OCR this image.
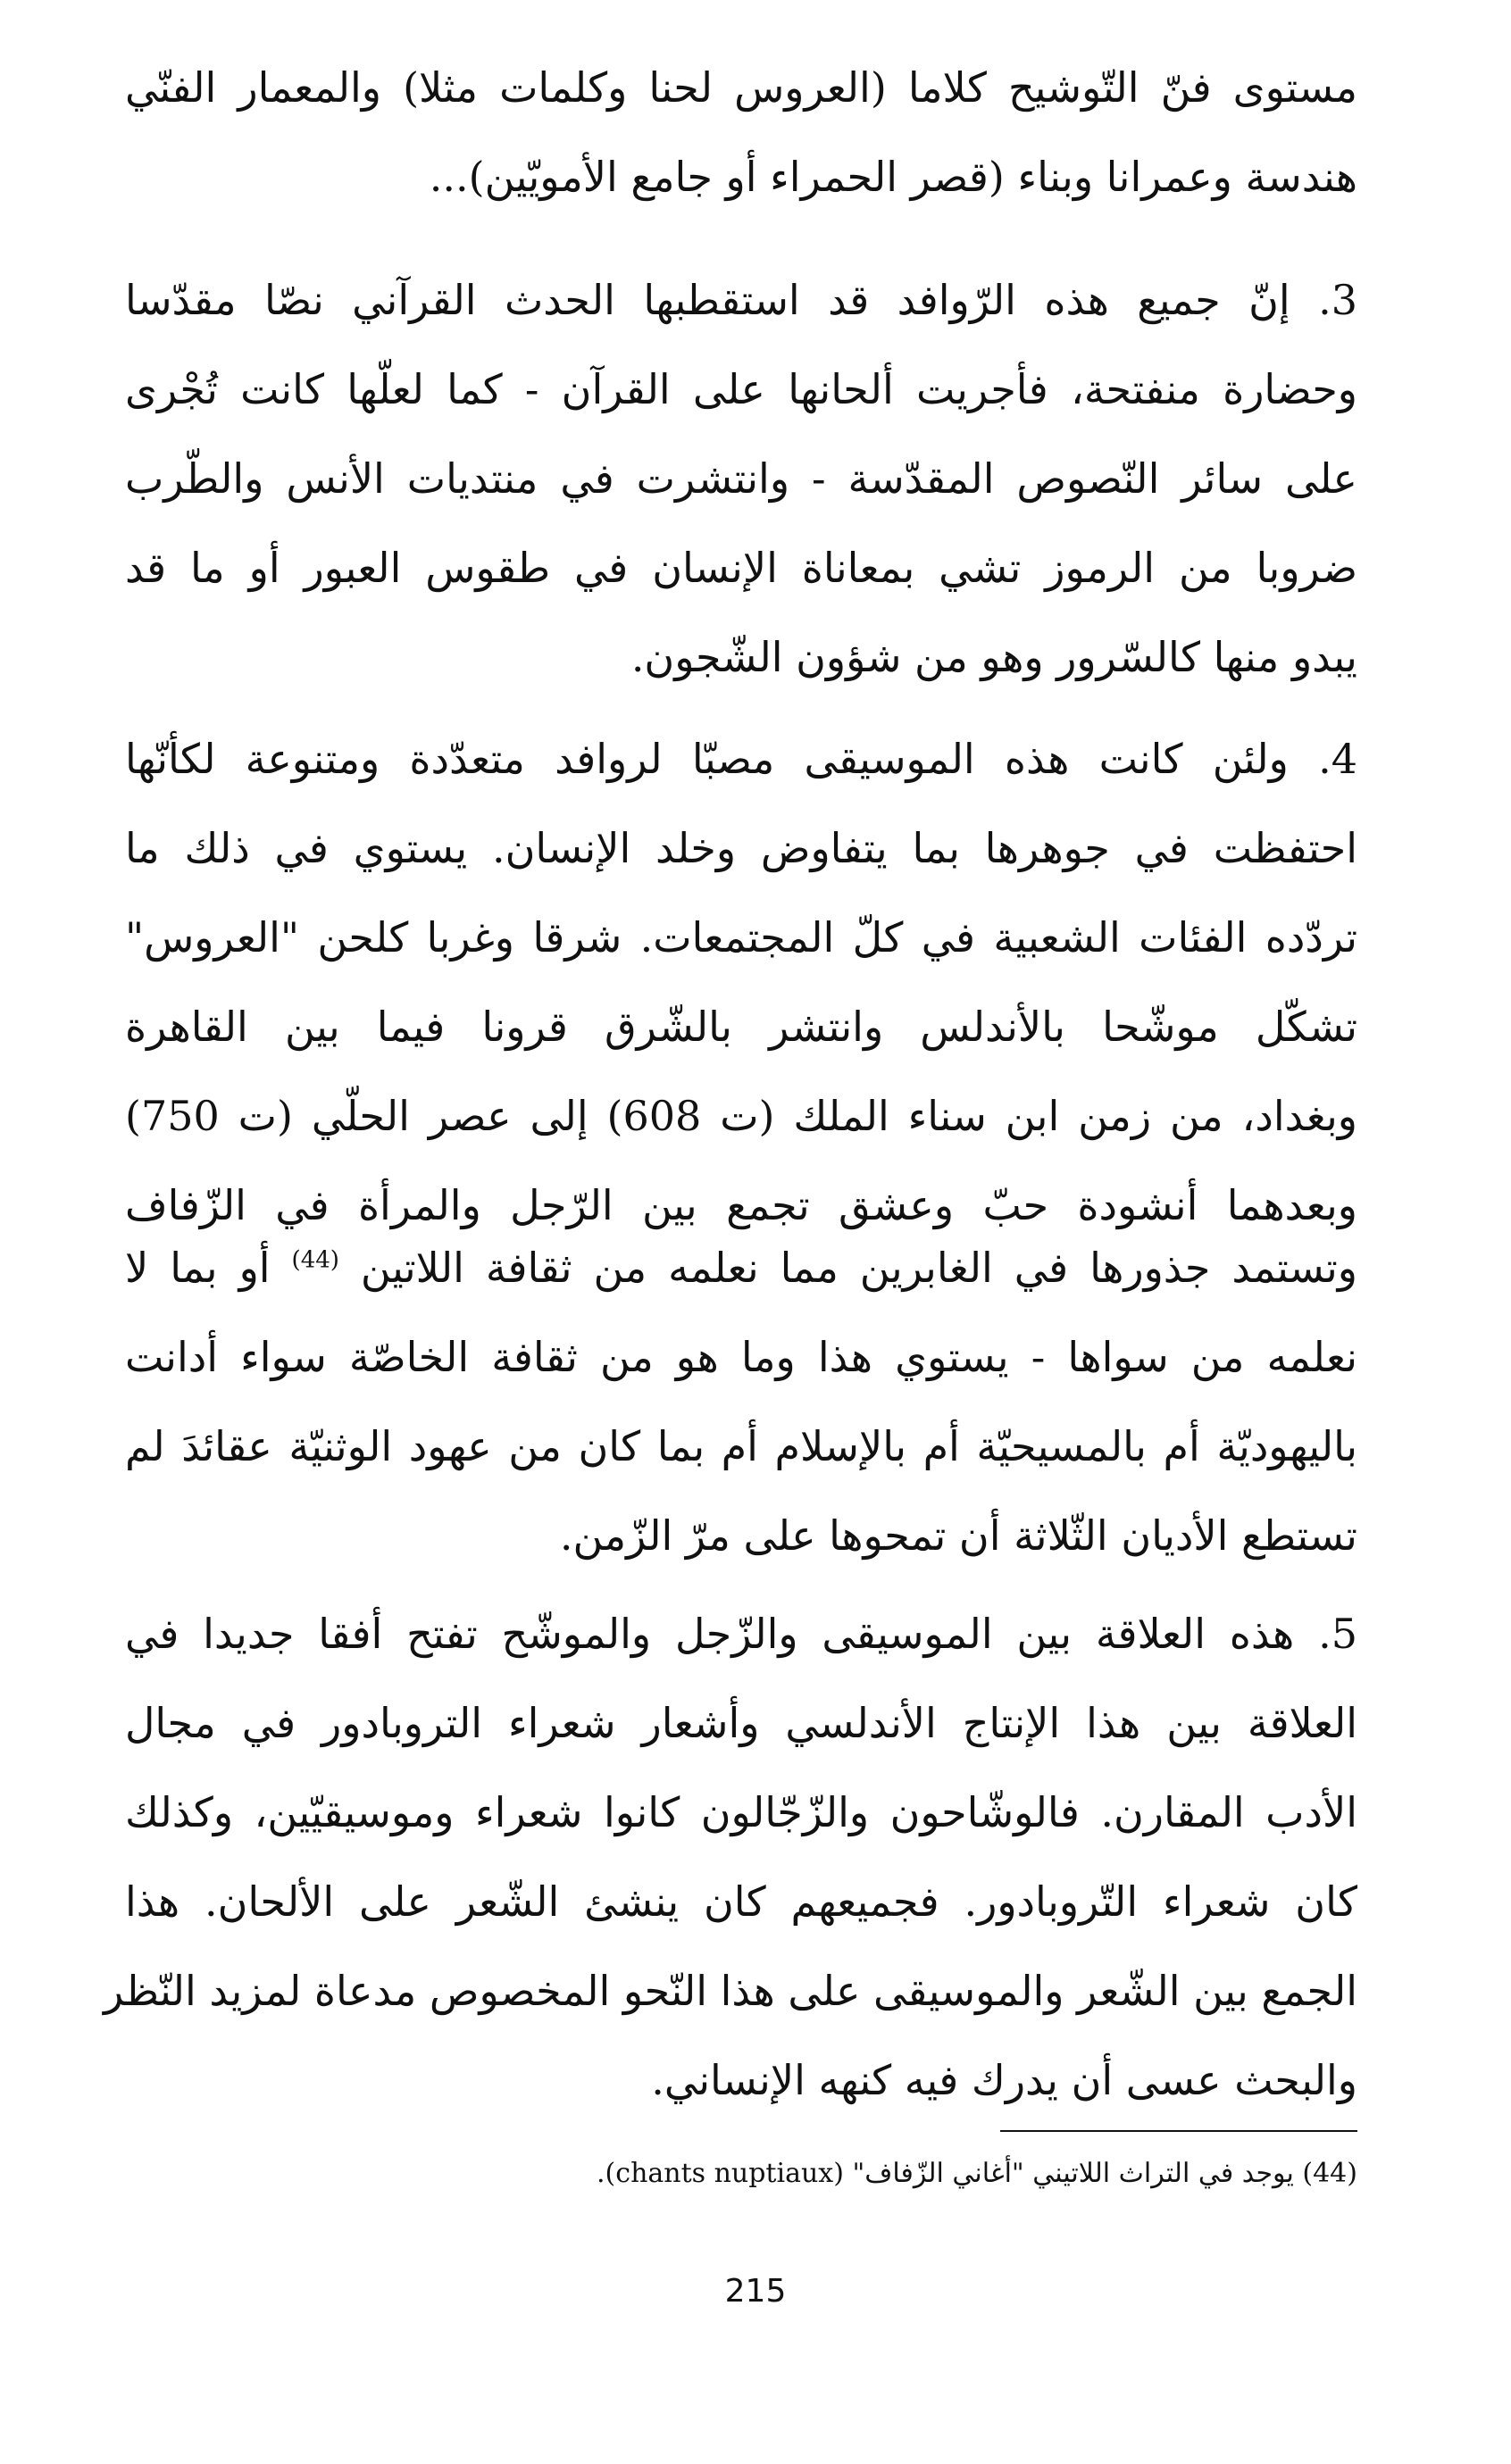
مستوى فنّ التّوشيح كلاما (العروس لحنا وكلمات مثلا) والمعمار الفنّي
هندسة وعمرانا وبناء (قصر الحمراء أو جامع الأمويّين)...
3. إنّ جميع هذه الرّوافد قد استقطبها الحدث القرآني نصّا مقدّسا
وحضارة منفتحة، فأجريت ألحانها على القرآن - كما لعلّها كانت تُجْرى
على سائر النّصوص المقدّسة - وانتشرت في منتديات الأنس والطّرب
ضروبا من الرموز تشي بمعاناة الإنسان في طقوس العبور أو ما قد
يبدو منها كالسّرور وهو من شؤون الشّجون.
4. ولئن كانت هذه الموسيقى مصبّا لروافد متعدّدة ومتنوعة لكأنّها
احتفظت في جوهرها بما يتفاوض وخلد الإنسان. يستوي في ذلك ما
تردّده الفئات الشعبية في كلّ المجتمعات. شرقا وغربا كلحن "العروس"
تشكّل موشّحا بالأندلس وانتشر بالشّرق قرونا فيما بين القاهرة
وبغداد، من زمن ابن سناء الملك (ت 608) إلى عصر الحلّي (ت 750)
وبعدهما أنشودة حبّ وعشق تجمع بين الرّجل والمرأة في الزّفاف
وتستمد جذورها في الغابرين مما نعلمه من ثقافة اللاتين $^{(44)}$ أو بما لا
نعلمه من سواها - يستوي هذا وما هو من ثقافة الخاصّة سواء أدانت
باليهوديّة أم بالمسيحيّة أم بالإسلام أم بما كان من عهود الوثنيّة عقائدَ لم
تستطع الأديان الثّلاثة أن تمحوها على مرّ الزّمن.
5. هذه العلاقة بين الموسيقى والزّجل والموشّح تفتح أفقا جديدا في
العلاقة بين هذا الإنتاج الأندلسي وأشعار شعراء التروبادور في مجال
الأدب المقارن. فالوشّاحون والزّجّالون كانوا شعراء وموسيقيّين، وكذلك
كان شعراء التّروبادور. فجميعهم كان ينشئ الشّعر على الألحان. هذا
الجمع بين الشّعر والموسيقى على هذا النّحو المخصوص مدعاة لمزيد النّظر
والبحث عسى أن يدرك فيه كنهه الإنساني.
(44) يوجد في التراث اللاتيني "أغاني الزّفاف" (chants nuptiaux).
215
